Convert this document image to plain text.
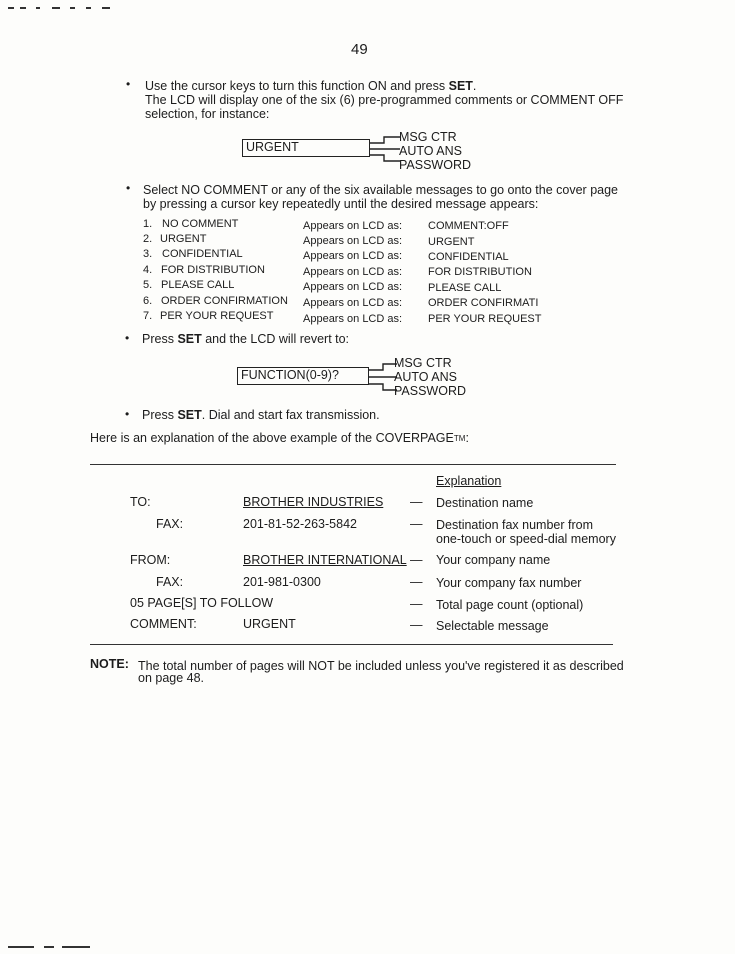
49
• Use the cursor keys to turn this function ON and press SET.
The LCD will display one of the six (6) pre-programmed comments or COMMENT OFF
selection, for instance:
URGENT
MSG CTR
AUTO ANS
PASSWORD
• Select NO COMMENT or any of the six available messages to go onto the cover page
by pressing a cursor key repeatedly until the desired message appears:
1. NO COMMENT	Appears on LCD as: COMMENT:OFF
2. URGENT	Appears on LCD as: URGENT
3. CONFIDENTIAL	Appears on LCD as: CONFIDENTIAL
4. FOR DISTRIBUTION	Appears on LCD as: FOR DISTRIBUTION
5. PLEASE CALL	Appears on LCD as: PLEASE CALL
6. ORDER CONFIRMATION Appears on LCD as: ORDER CONFIRMATI
7. PER YOUR REQUEST	Appears on LCD as: PER YOUR REQUEST
• Press SET and the LCD will revert to:
FUNCTION(0-9)?
MSG CTR
AUTO ANS
PASSWORD
• Press SET. Dial and start fax transmission.
Here is an explanation of the above example of the COVERPAGETM:
Explanation
TO:	BROTHER INDUSTRIES — Destination name
FAX:	201-81-52-263-5842	— Destination fax number from
one-touch or speed-dial memory
FROM:	BROTHER INTERNATIONAL — Your company name
FAX:	201-981-0300	— Your company fax number
05 PAGE[S] TO FOLLOW	— Total page count (optional)
COMMENT:	URGENT	— Selectable message
NOTE: The total number of pages will NOT be included unless you've registered it as described
on page 48.
